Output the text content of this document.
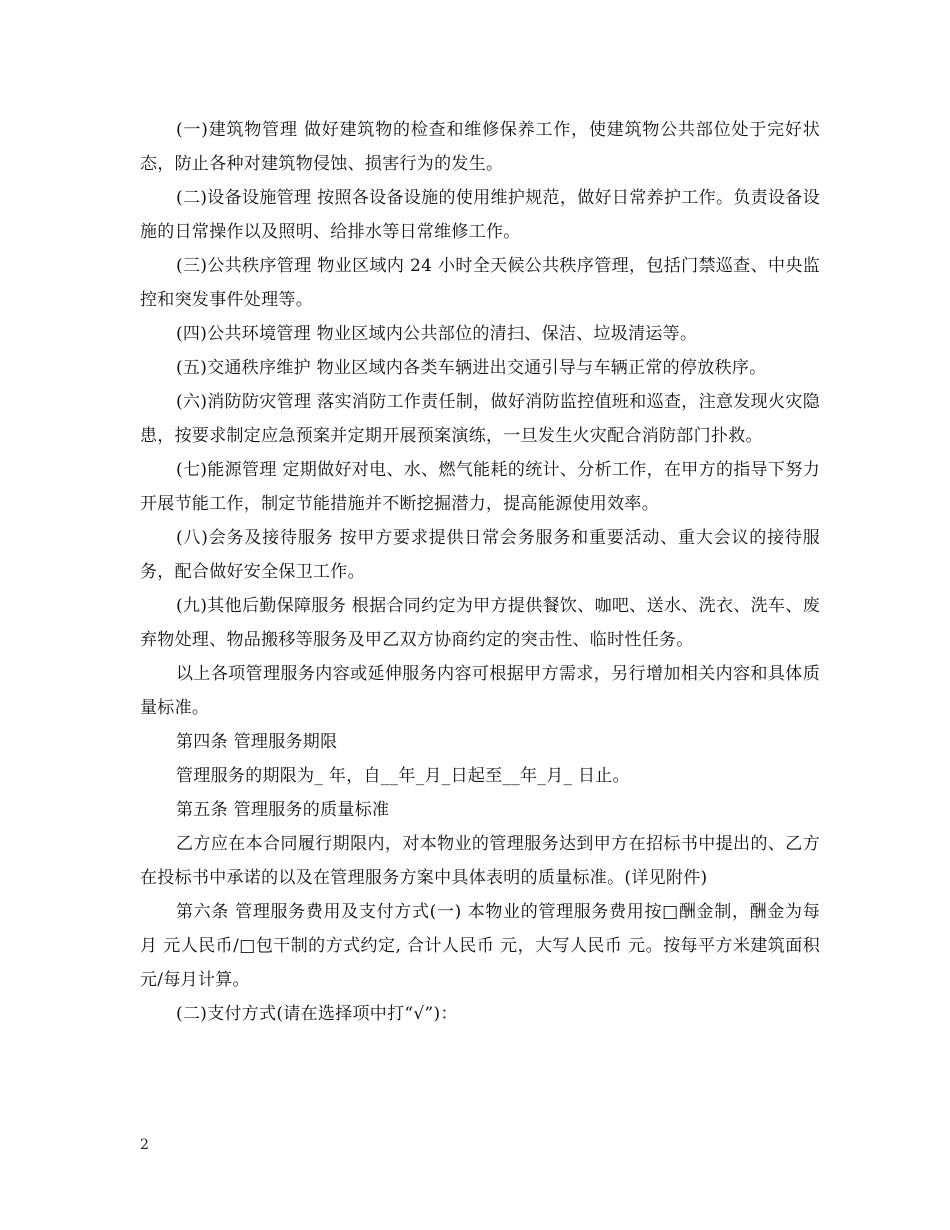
(一)建筑物管理 做好建筑物的检查和维修保养工作，使建筑物公共部位处于完好状态，防止各种对建筑物侵蚀、损害行为的发生。

(二)设备设施管理 按照各设备设施的使用维护规范，做好日常养护工作。负责设备设施的日常操作以及照明、给排水等日常维修工作。

(三)公共秩序管理 物业区域内 24 小时全天候公共秩序管理，包括门禁巡查、中央监控和突发事件处理等。

(四)公共环境管理 物业区域内公共部位的清扫、保洁、垃圾清运等。

(五)交通秩序维护 物业区域内各类车辆进出交通引导与车辆正常的停放秩序。

(六)消防防灾管理 落实消防工作责任制，做好消防监控值班和巡查，注意发现火灾隐患，按要求制定应急预案并定期开展预案演练，一旦发生火灾配合消防部门扑救。

(七)能源管理 定期做好对电、水、燃气能耗的统计、分析工作，在甲方的指导下努力开展节能工作，制定节能措施并不断挖掘潜力，提高能源使用效率。

(八)会务及接待服务 按甲方要求提供日常会务服务和重要活动、重大会议的接待服务，配合做好安全保卫工作。

(九)其他后勤保障服务 根据合同约定为甲方提供餐饮、咖吧、送水、洗衣、洗车、废弃物处理、物品搬移等服务及甲乙双方协商约定的突击性、临时性任务。

以上各项管理服务内容或延伸服务内容可根据甲方需求，另行增加相关内容和具体质量标准。

第四条 管理服务期限

管理服务的期限为_ 年，自__年_月_日起至__年_月_ 日止。

第五条 管理服务的质量标准

乙方应在本合同履行期限内，对本物业的管理服务达到甲方在招标书中提出的、乙方在投标书中承诺的以及在管理服务方案中具体表明的质量标准。(详见附件)

第六条 管理服务费用及支付方式(一) 本物业的管理服务费用按□酬金制，酬金为每月 元人民币/□包干制的方式约定, 合计人民币 元，大写人民币 元。按每平方米建筑面积 元/每月计算。

(二)支付方式(请在选择项中打“√”)：

2
